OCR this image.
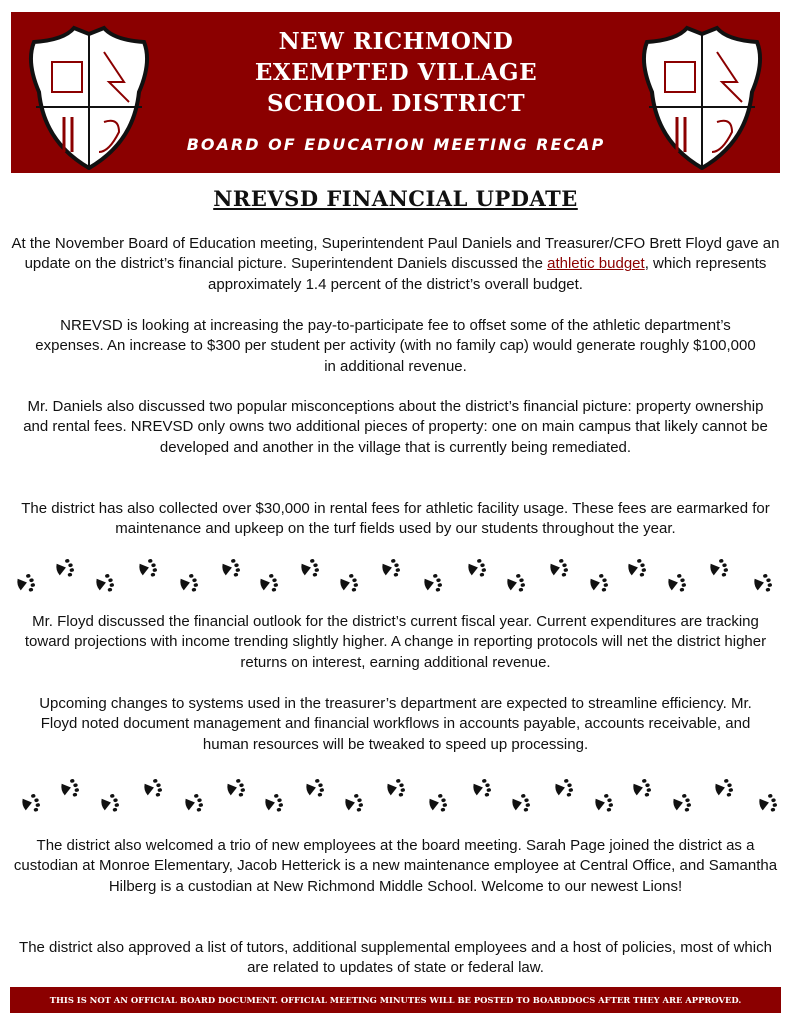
NEW RICHMOND
EXEMPTED VILLAGE
SCHOOL DISTRICT
BOARD OF EDUCATION MEETING RECAP
NREVSD FINANCIAL UPDATE

At the November Board of Education meeting, Superintendent Paul Daniels and Treasurer/CFO Brett Floyd gave an update on the district’s financial picture. Superintendent Daniels discussed the athletic budget, which represents approximately 1.4 percent of the district’s overall budget.

NREVSD is looking at increasing the pay-to-participate fee to offset some of the athletic department’s expenses. An increase to $300 per student per activity (with no family cap) would generate roughly $100,000 in additional revenue.

Mr. Daniels also discussed two popular misconceptions about the district’s financial picture: property ownership and rental fees. NREVSD only owns two additional pieces of property: one on main campus that likely cannot be developed and another in the village that is currently being remediated.

The district has also collected over $30,000 in rental fees for athletic facility usage. These fees are earmarked for maintenance and upkeep on the turf fields used by our students throughout the year.

Mr. Floyd discussed the financial outlook for the district’s current fiscal year. Current expenditures are tracking toward projections with income trending slightly higher. A change in reporting protocols will net the district higher returns on interest, earning additional revenue.

Upcoming changes to systems used in the treasurer’s department are expected to streamline efficiency. Mr. Floyd noted document management and financial workflows in accounts payable, accounts receivable, and human resources will be tweaked to speed up processing.

The district also welcomed a trio of new employees at the board meeting. Sarah Page joined the district as a custodian at Monroe Elementary, Jacob Hetterick is a new maintenance employee at Central Office, and Samantha Hilberg is a custodian at New Richmond Middle School. Welcome to our newest Lions!

The district also approved a list of tutors, additional supplemental employees and a host of policies, most of which are related to updates of state or federal law.

THIS IS NOT AN OFFICIAL BOARD DOCUMENT. OFFICIAL MEETING MINUTES WILL BE POSTED TO BOARDDOCS AFTER THEY ARE APPROVED.
